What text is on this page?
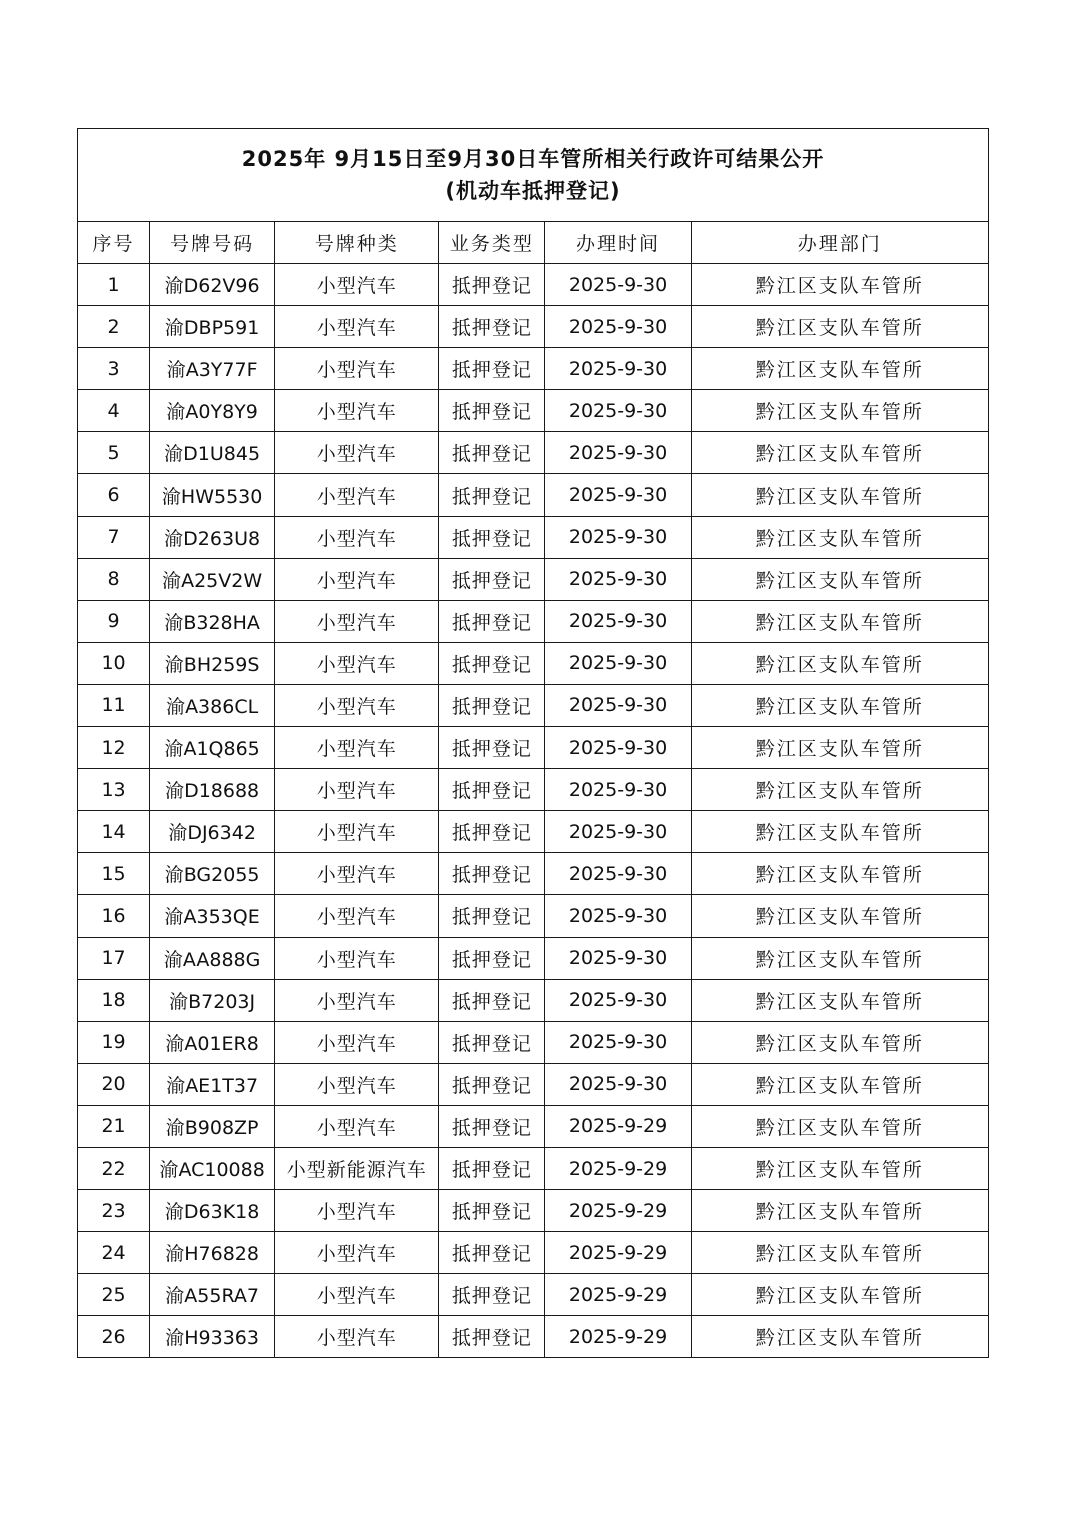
2025年 9月15日至9月30日车管所相关行政许可结果公开
(机动车抵押登记)					

序号	号牌号码	号牌种类	业务类型	办理时间	办理部门
1	渝D62V96	小型汽车	抵押登记	2025-9-30	黔江区支队车管所
2	渝DBP591	小型汽车	抵押登记	2025-9-30	黔江区支队车管所
3	渝A3Y77F	小型汽车	抵押登记	2025-9-30	黔江区支队车管所
4	渝A0Y8Y9	小型汽车	抵押登记	2025-9-30	黔江区支队车管所
5	渝D1U845	小型汽车	抵押登记	2025-9-30	黔江区支队车管所
6	渝HW5530	小型汽车	抵押登记	2025-9-30	黔江区支队车管所
7	渝D263U8	小型汽车	抵押登记	2025-9-30	黔江区支队车管所
8	渝A25V2W	小型汽车	抵押登记	2025-9-30	黔江区支队车管所
9	渝B328HA	小型汽车	抵押登记	2025-9-30	黔江区支队车管所
10	渝BH259S	小型汽车	抵押登记	2025-9-30	黔江区支队车管所
11	渝A386CL	小型汽车	抵押登记	2025-9-30	黔江区支队车管所
12	渝A1Q865	小型汽车	抵押登记	2025-9-30	黔江区支队车管所
13	渝D18688	小型汽车	抵押登记	2025-9-30	黔江区支队车管所
14	渝DJ6342	小型汽车	抵押登记	2025-9-30	黔江区支队车管所
15	渝BG2055	小型汽车	抵押登记	2025-9-30	黔江区支队车管所
16	渝A353QE	小型汽车	抵押登记	2025-9-30	黔江区支队车管所
17	渝AA888G	小型汽车	抵押登记	2025-9-30	黔江区支队车管所
18	渝B7203J	小型汽车	抵押登记	2025-9-30	黔江区支队车管所
19	渝A01ER8	小型汽车	抵押登记	2025-9-30	黔江区支队车管所
20	渝AE1T37	小型汽车	抵押登记	2025-9-30	黔江区支队车管所
21	渝B908ZP	小型汽车	抵押登记	2025-9-29	黔江区支队车管所
22	渝AC10088	小型新能源汽车	抵押登记	2025-9-29	黔江区支队车管所
23	渝D63K18	小型汽车	抵押登记	2025-9-29	黔江区支队车管所
24	渝H76828	小型汽车	抵押登记	2025-9-29	黔江区支队车管所
25	渝A55RA7	小型汽车	抵押登记	2025-9-29	黔江区支队车管所
26	渝H93363	小型汽车	抵押登记	2025-9-29	黔江区支队车管所
